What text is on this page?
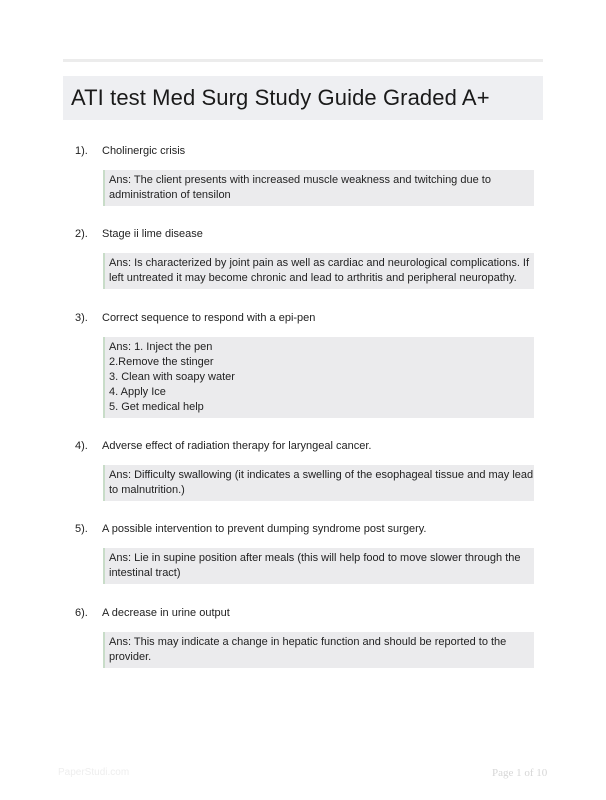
ATI test Med Surg Study Guide Graded A+
1). Cholinergic crisis
Ans: The client presents with increased muscle weakness and twitching due to
administration of tensilon
2). Stage ii lime disease
Ans: Is characterized by joint pain as well as cardiac and neurological complications. If
left untreated it may become chronic and lead to arthritis and peripheral neuropathy.
3). Correct sequence to respond with a epi-pen
Ans: 1. Inject the pen
2.Remove the stinger
3. Clean with soapy water
4. Apply Ice
5. Get medical help
4). Adverse effect of radiation therapy for laryngeal cancer.
Ans: Difficulty swallowing (it indicates a swelling of the esophageal tissue and may lead
to malnutrition.)
5). A possible intervention to prevent dumping syndrome post surgery.
Ans: Lie in supine position after meals (this will help food to move slower through the
intestinal tract)
6). A decrease in urine output
Ans: This may indicate a change in hepatic function and should be reported to the
provider.
PaperStudi.com	Page 1 of 10
